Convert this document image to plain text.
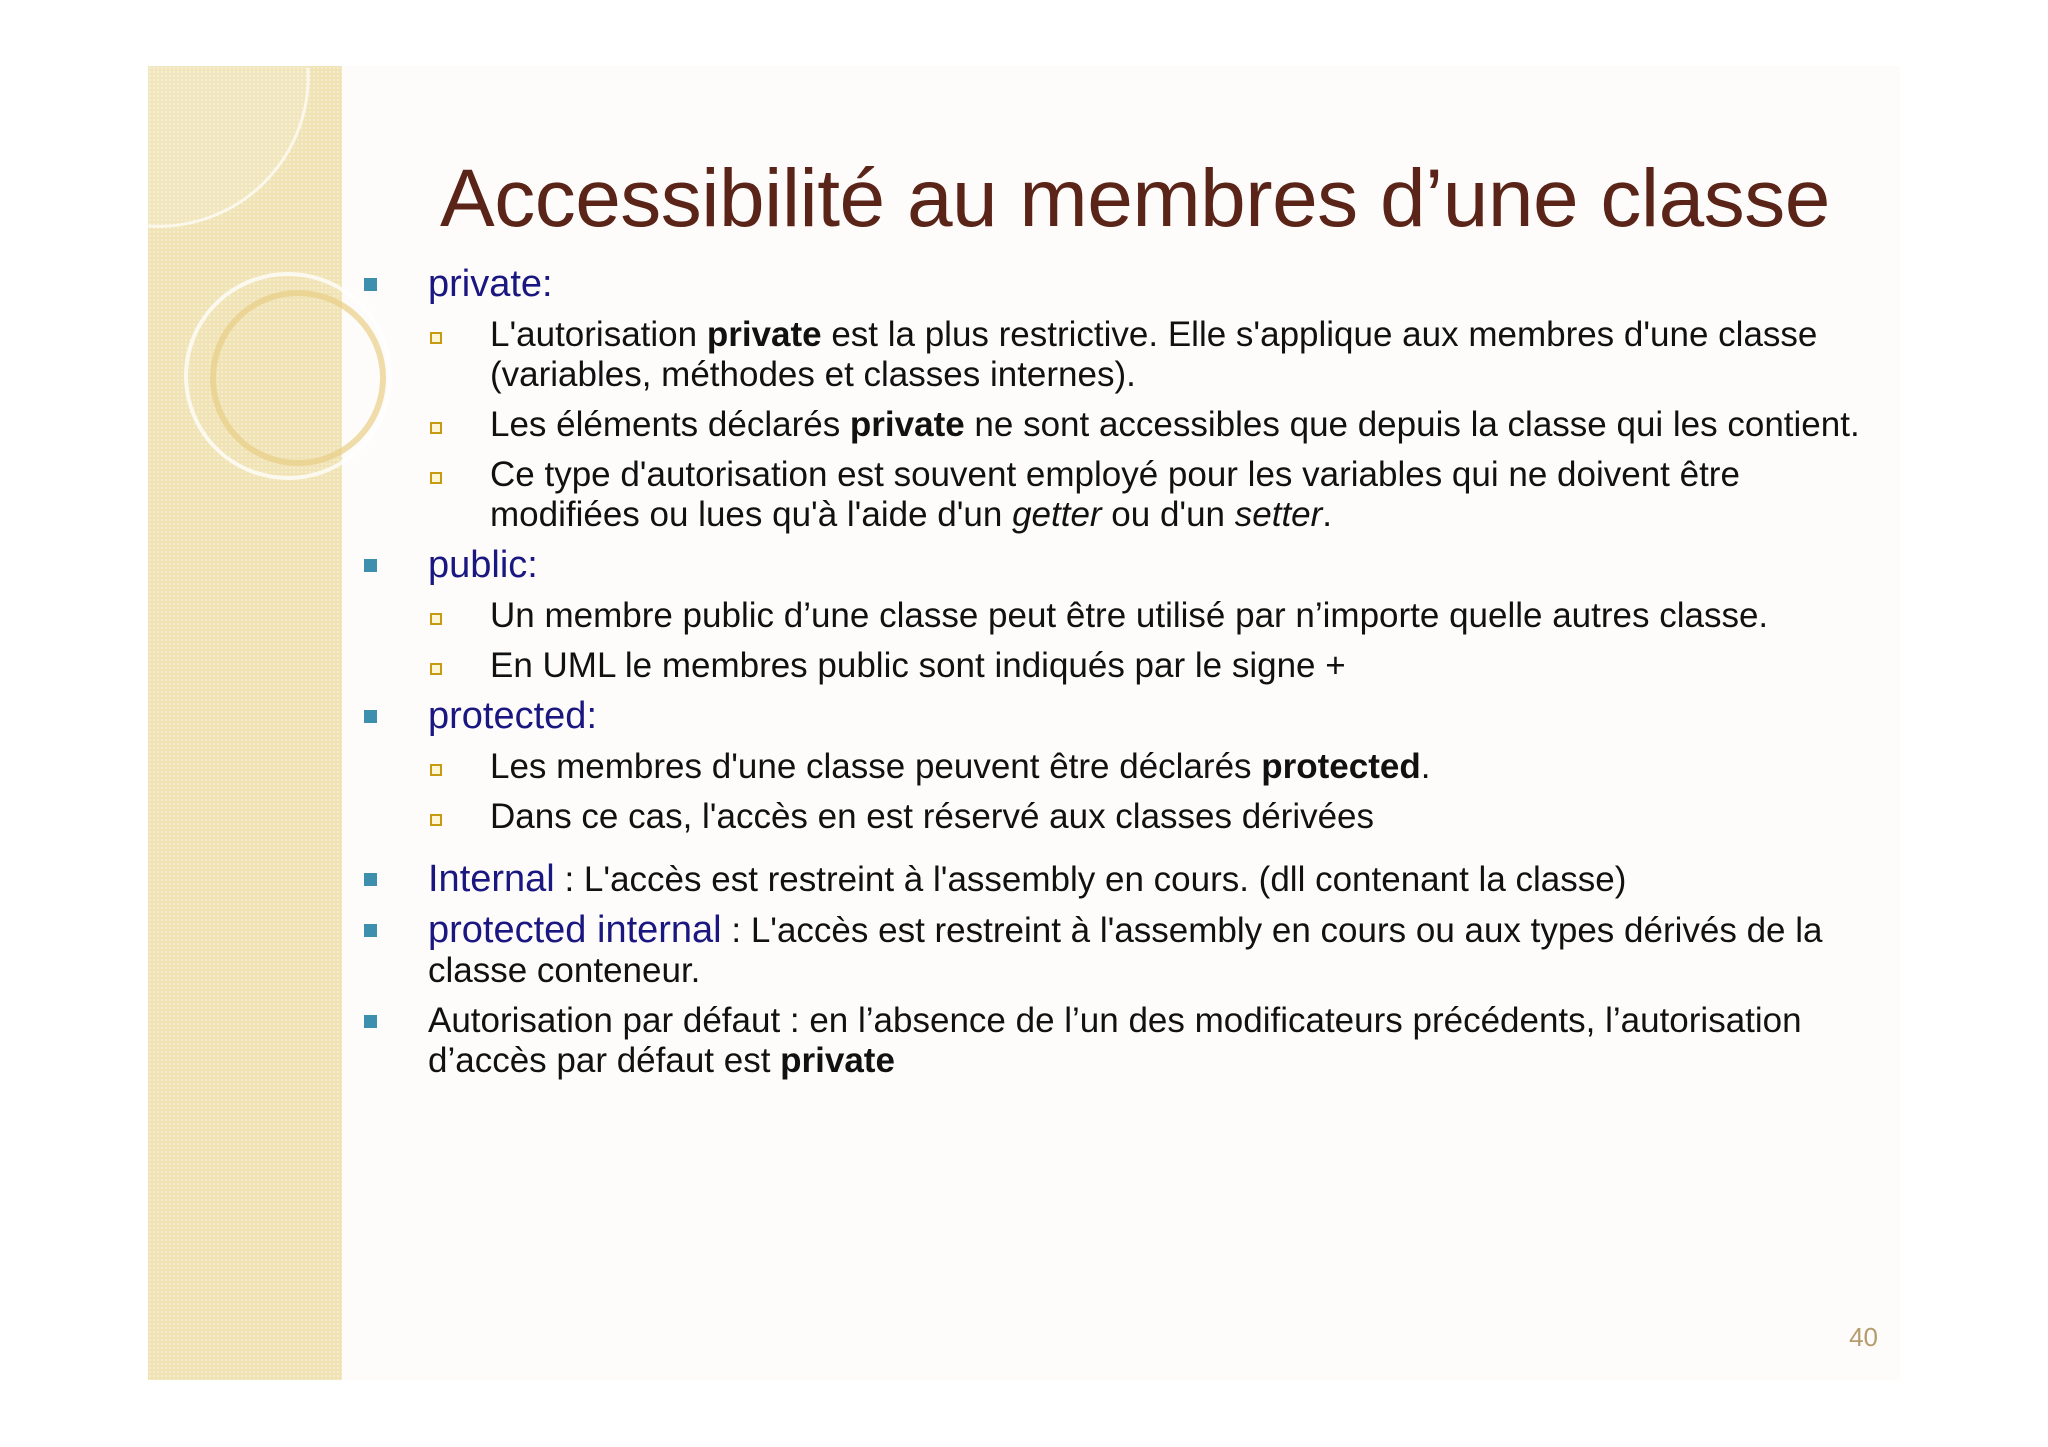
Accessibilité au membres d’une classe
private:
L'autorisation private est la plus restrictive. Elle s'applique aux membres d'une classe (variables, méthodes et classes internes).
Les éléments déclarés private ne sont accessibles que depuis la classe qui les contient.
Ce type d'autorisation est souvent employé pour les variables qui ne doivent être modifiées ou lues qu'à l'aide d'un getter ou d'un setter.
public:
Un membre public d’une classe peut être utilisé par n’importe quelle autres classe.
En UML le membres public sont indiqués par le signe +
protected:
Les membres d'une classe peuvent être déclarés protected.
Dans ce cas, l'accès en est réservé aux classes dérivées
Internal : L'accès est restreint à l'assembly en cours. (dll contenant la classe)
protected internal : L'accès est restreint à l'assembly en cours ou aux types dérivés de la classe conteneur.
Autorisation par défaut : en l’absence de l’un des modificateurs précédents, l’autorisation d’accès par défaut est private
40
